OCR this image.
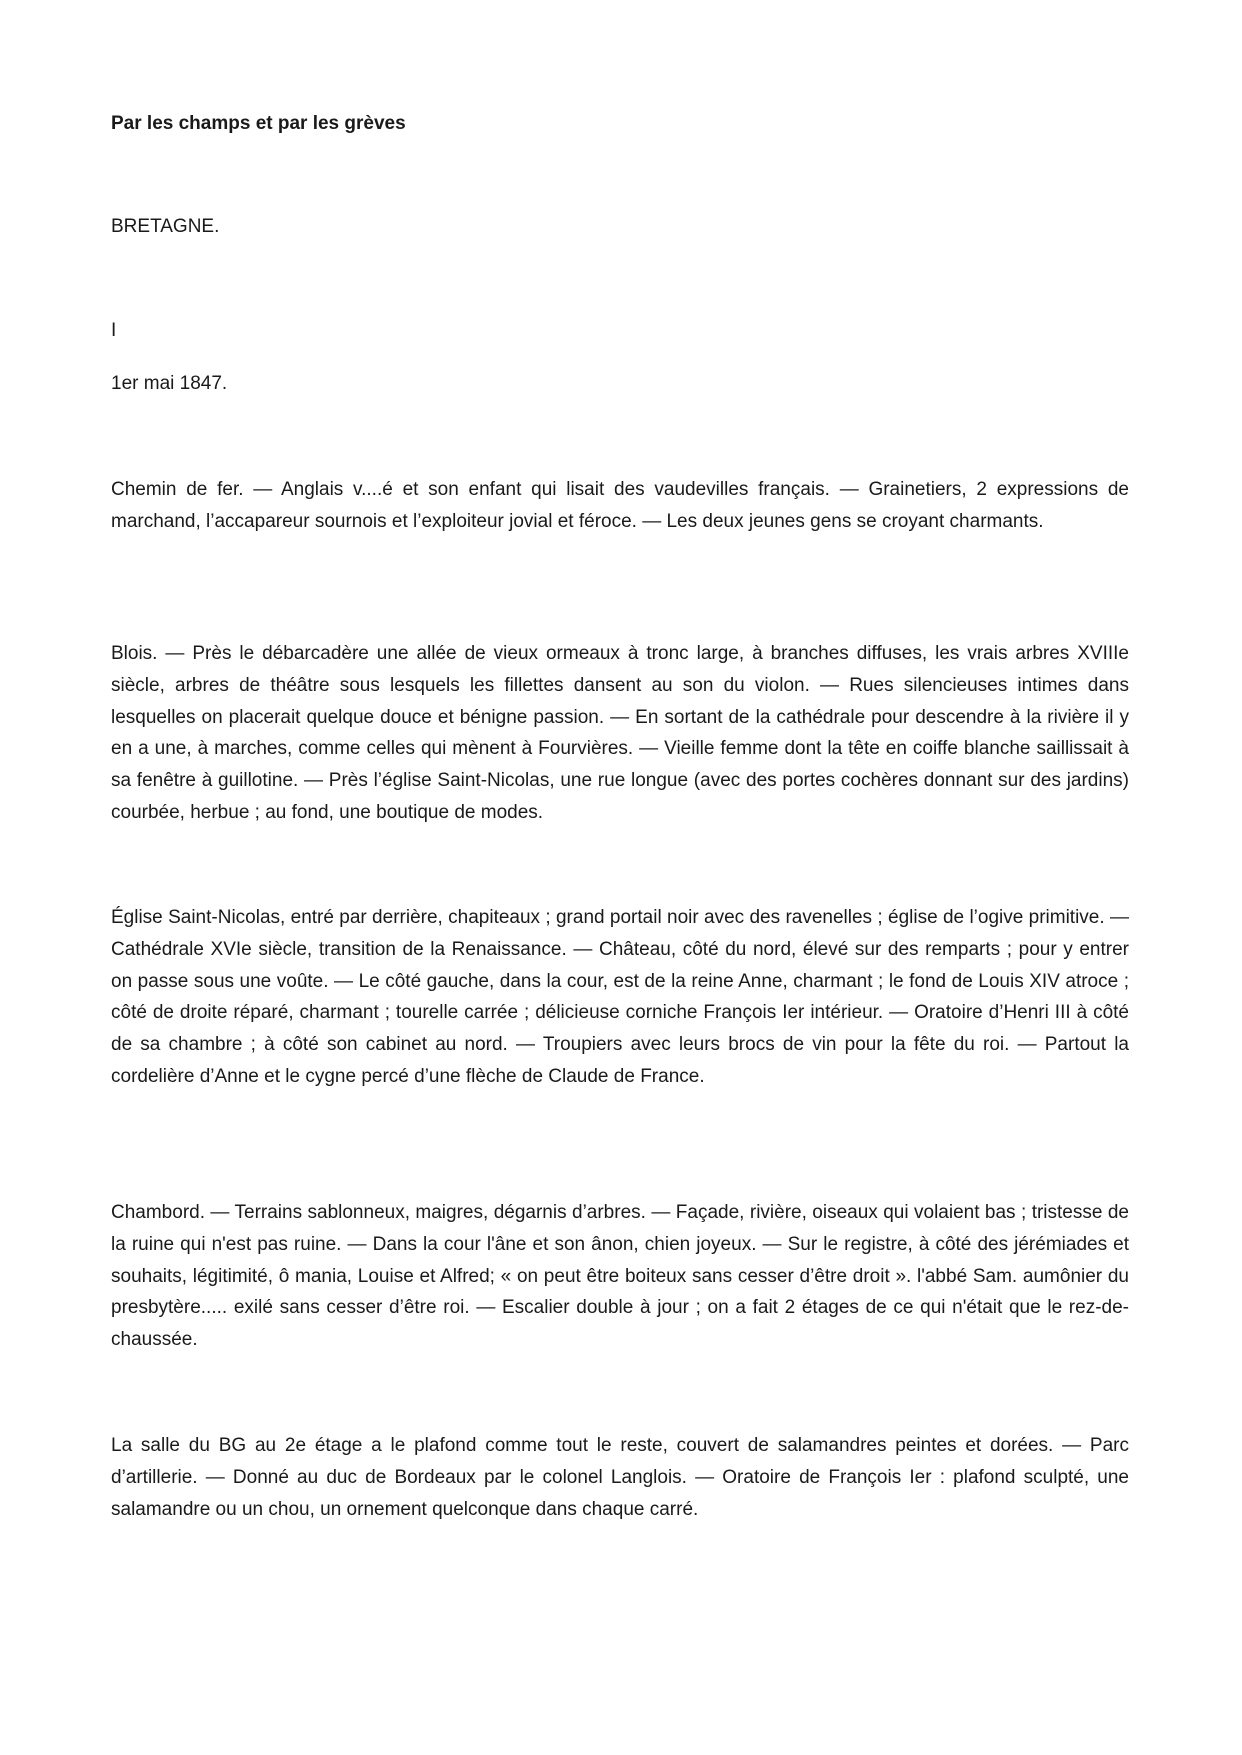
Par les champs et par les grèves
BRETAGNE.
I
1er mai 1847.

Chemin de fer. — Anglais v....é et son enfant qui lisait des vaudevilles français. — Grainetiers, 2 expressions de marchand, l’accapareur sournois et l’exploiteur jovial et féroce. — Les deux jeunes gens se croyant charmants.

Blois. — Près le débarcadère une allée de vieux ormeaux à tronc large, à branches diffuses, les vrais arbres XVIIIe siècle, arbres de théâtre sous lesquels les fillettes dansent au son du violon. — Rues silencieuses intimes dans lesquelles on placerait quelque douce et bénigne passion. — En sortant de la cathédrale pour descendre à la rivière il y en a une, à marches, comme celles qui mènent à Fourvières. — Vieille femme dont la tête en coiffe blanche saillissait à sa fenêtre à guillotine. — Près l’église Saint-Nicolas, une rue longue (avec des portes cochères donnant sur des jardins) courbée, herbue ; au fond, une boutique de modes.

Église Saint-Nicolas, entré par derrière, chapiteaux ; grand portail noir avec des ravenelles ; église de l’ogive primitive. — Cathédrale XVIe siècle, transition de la Renaissance. — Château, côté du nord, élevé sur des remparts ; pour y entrer on passe sous une voûte. — Le côté gauche, dans la cour, est de la reine Anne, charmant ; le fond de Louis XIV atroce ; côté de droite réparé, charmant ; tourelle carrée ; délicieuse corniche François Ier intérieur. — Oratoire d’Henri III à côté de sa chambre ; à côté son cabinet au nord. — Troupiers avec leurs brocs de vin pour la fête du roi. — Partout la cordelière d’Anne et le cygne percé d’une flèche de Claude de France.

Chambord. — Terrains sablonneux, maigres, dégarnis d’arbres. — Façade, rivière, oiseaux qui volaient bas ; tristesse de la ruine qui n'est pas ruine. — Dans la cour l'âne et son ânon, chien joyeux. — Sur le registre, à côté des jérémiades et souhaits, légitimité, ô mania, Louise et Alfred; « on peut être boiteux sans cesser d’être droit ». l'abbé Sam. aumônier du presbytère..... exilé sans cesser d’être roi. — Escalier double à jour ; on a fait 2 étages de ce qui n'était que le rez-de-chaussée.

La salle du BG au 2e étage a le plafond comme tout le reste, couvert de salamandres peintes et dorées. — Parc d’artillerie. — Donné au duc de Bordeaux par le colonel Langlois. — Oratoire de François Ier : plafond sculpté, une salamandre ou un chou, un ornement quelconque dans chaque carré.
